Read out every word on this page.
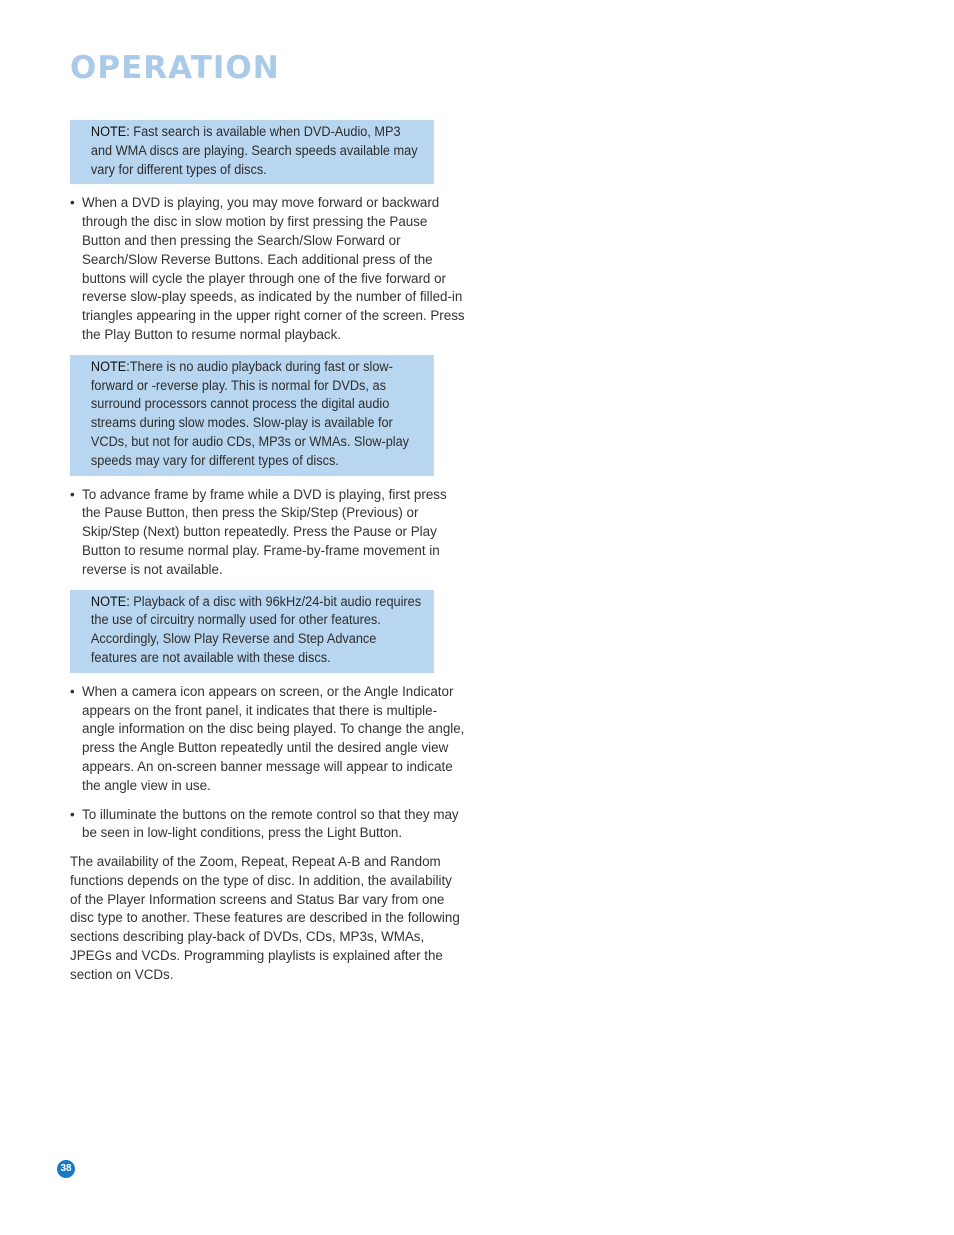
OPERATION
NOTE: Fast search is available when DVD-Audio, MP3 and WMA discs are playing. Search speeds available may vary for different types of discs.
• When a DVD is playing, you may move forward or backward through the disc in slow motion by first pressing the Pause Button and then pressing the Search/Slow Forward or Search/Slow Reverse Buttons. Each additional press of the buttons will cycle the player through one of the five forward or reverse slow-play speeds, as indicated by the number of filled-in triangles appearing in the upper right corner of the screen. Press the Play Button to resume normal playback.
NOTE:There is no audio playback during fast or slow-forward or -reverse play. This is normal for DVDs, as surround processors cannot process the digital audio streams during slow modes. Slow-play is available for VCDs, but not for audio CDs, MP3s or WMAs. Slow-play speeds may vary for different types of discs.
• To advance frame by frame while a DVD is playing, first press the Pause Button, then press the Skip/Step (Previous) or Skip/Step (Next) button repeatedly. Press the Pause or Play Button to resume normal play. Frame-by-frame movement in reverse is not available.
NOTE: Playback of a disc with 96kHz/24-bit audio requires the use of circuitry normally used for other features. Accordingly, Slow Play Reverse and Step Advance features are not available with these discs.
• When a camera icon appears on screen, or the Angle Indicator appears on the front panel, it indicates that there is multiple-angle information on the disc being played. To change the angle, press the Angle Button repeatedly until the desired angle view appears. An on-screen banner message will appear to indicate the angle view in use.
• To illuminate the buttons on the remote control so that they may be seen in low-light conditions, press the Light Button.

The availability of the Zoom, Repeat, Repeat A-B and Random functions depends on the type of disc. In addition, the availability of the Player Information screens and Status Bar vary from one disc type to another. These features are described in the following sections describing play-back of DVDs, CDs, MP3s, WMAs, JPEGs and VCDs. Programming playlists is explained after the section on VCDs.

38
